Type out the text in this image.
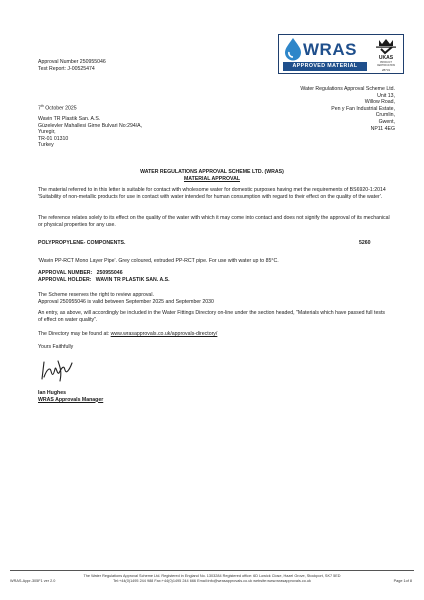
Approval Number 250955046
Test Report: J-00525474
WRAS
APPROVED MATERIAL
UKAS
PRODUCT CERTIFICATION
28731
7th October 2025
Water Regulations Approval Scheme Ltd.
Unit 13,
Willow Road,
Pen y Fan Industrial Estate,
Crumlin,
Gwent,
NP11 4EG
Wavin TR Plastik San. A.S.
Güzelevler Mahallesi Girne Bulvari No:294/A,
Yuregir,
TR-01 01310
Turkey
WATER REGULATIONS APPROVAL SCHEME LTD. (WRAS)
MATERIAL APPROVAL
The material referred to in this letter is suitable for contact with wholesome water for domestic purposes having met the requirements of BS6920-1:2014 'Suitability of non-metallic products for use in contact with water intended for human consumption with regard to their effect on the quality of the water'.
The reference relates solely to its effect on the quality of the water with which it may come into contact and does not signify the approval of its mechanical or physical properties for any use.
POLYPROPYLENE- COMPONENTS.	5260
'Wavin PP-RCT Mono Layer Pipe'. Grey coloured, extruded PP-RCT pipe. For use with water up to 85°C.
APPROVAL NUMBER: 250955046
APPROVAL HOLDER: WAVIN TR PLASTIK SAN. A.S.
The Scheme reserves the right to review approval.
Approval 250955046 is valid between September 2025 and September 2030
An entry, as above, will accordingly be included in the Water Fittings Directory on-line under the section headed, "Materials which have passed full tests of effect on water quality".
The Directory may be found at: www.wrasapprovals.co.uk/approvals-directory/
Yours Faithfully
Ian Hughes
WRAS Approvals Manager
The Water Regulations Approval Scheme Ltd. Registered in England No. 1303284 Registered office: 6D Lowick Close, Hazel Grove, Stockport, SK7 5ED
Tel:+44(0)1495 244 988 Fax:+44(0)1495 244 666 Email:info@wrasapprovals.co.uk website:www.wrasapprovals.co.uk
WRAS-Appr-305F1 ver 2.0	Page 1of 8
